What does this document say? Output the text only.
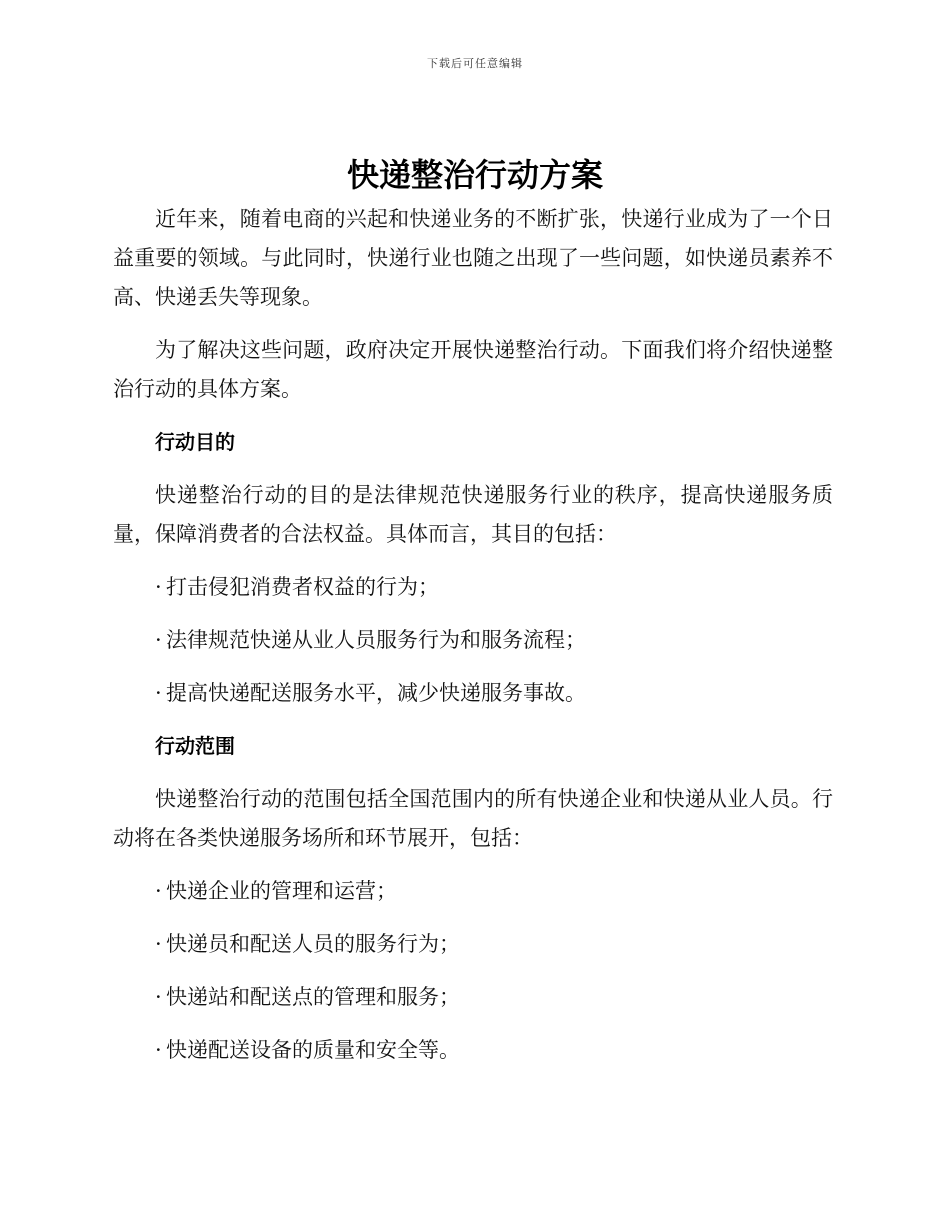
下载后可任意编辑
快递整治行动方案

近年来，随着电商的兴起和快递业务的不断扩张，快递行业成为了一个日益重要的领域。与此同时，快递行业也随之出现了一些问题，如快递员素养不高、快递丢失等现象。

为了解决这些问题，政府决定开展快递整治行动。下面我们将介绍快递整治行动的具体方案。

行动目的

快递整治行动的目的是法律规范快递服务行业的秩序，提高快递服务质量，保障消费者的合法权益。具体而言，其目的包括：

· 打击侵犯消费者权益的行为；
· 法律规范快递从业人员服务行为和服务流程；
· 提高快递配送服务水平，减少快递服务事故。
行动范围

快递整治行动的范围包括全国范围内的所有快递企业和快递从业人员。行动将在各类快递服务场所和环节展开，包括：

· 快递企业的管理和运营；
· 快递员和配送人员的服务行为；
· 快递站和配送点的管理和服务；
· 快递配送设备的质量和安全等。
